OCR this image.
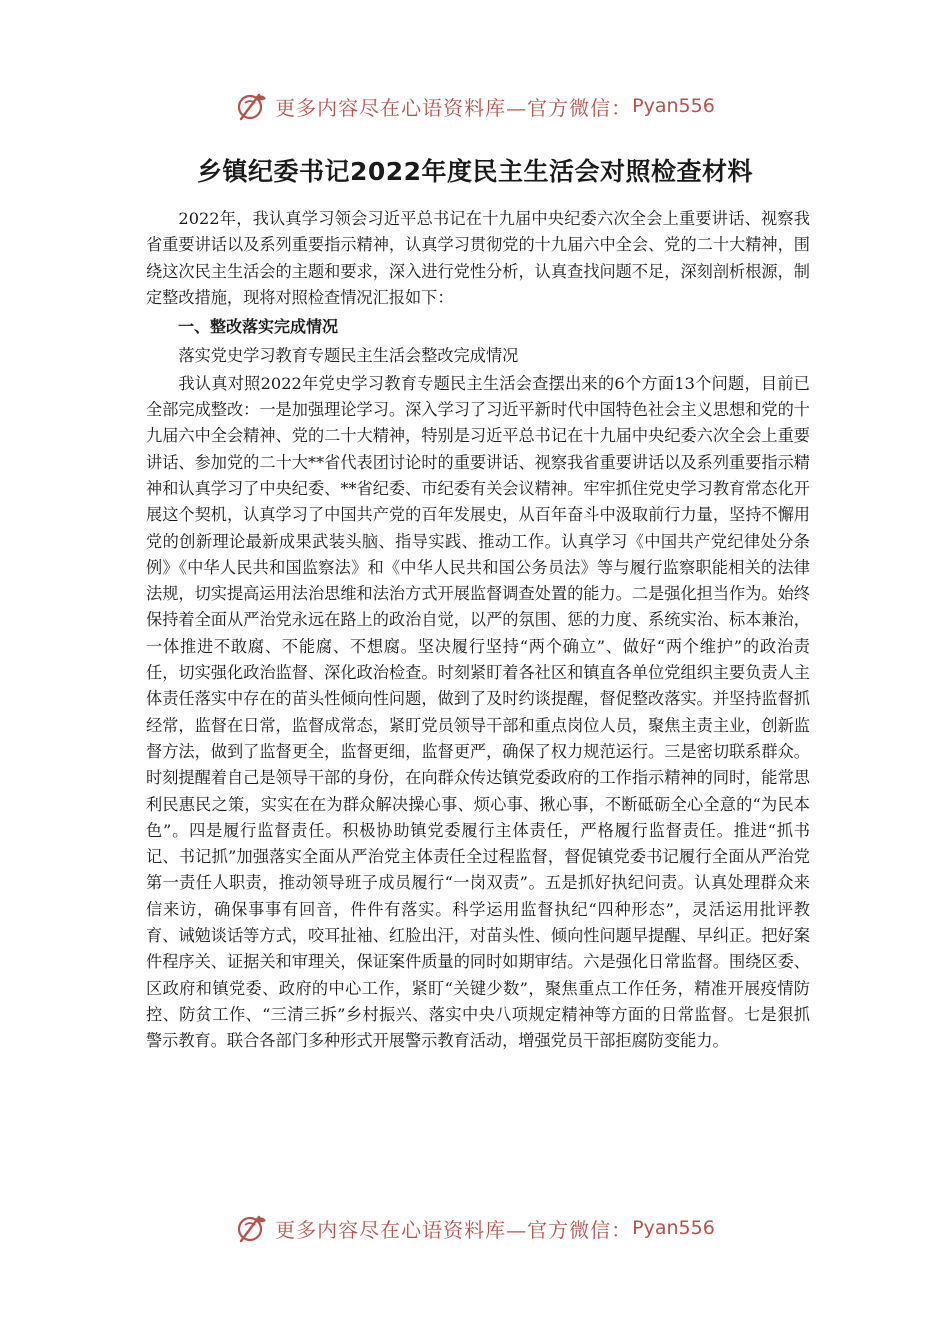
更多内容尽在心语资料库—官方微信： Pyan556
乡镇纪委书记2022年度民主生活会对照检查材料

2022年，我认真学习领会习近平总书记在十九届中央纪委六次全会上重要讲话、视察我省重要讲话以及系列重要指示精神，认真学习贯彻党的十九届六中全会、党的二十大精神，围绕这次民主生活会的主题和要求，深入进行党性分析，认真查找问题不足，深刻剖析根源，制定整改措施，现将对照检查情况汇报如下：

一、整改落实完成情况

落实党史学习教育专题民主生活会整改完成情况

我认真对照2022年党史学习教育专题民主生活会查摆出来的6个方面13个问题，目前已全部完成整改：一是加强理论学习。深入学习了习近平新时代中国特色社会主义思想和党的十九届六中全会精神、党的二十大精神，特别是习近平总书记在十九届中央纪委六次全会上重要讲话、参加党的二十大**省代表团讨论时的重要讲话、视察我省重要讲话以及系列重要指示精神和认真学习了中央纪委、**省纪委、市纪委有关会议精神。牢牢抓住党史学习教育常态化开展这个契机，认真学习了中国共产党的百年发展史，从百年奋斗中汲取前行力量，坚持不懈用党的创新理论最新成果武装头脑、指导实践、推动工作。认真学习《中国共产党纪律处分条例》《中华人民共和国监察法》和《中华人民共和国公务员法》等与履行监察职能相关的法律法规，切实提高运用法治思维和法治方式开展监督调查处置的能力。二是强化担当作为。始终保持着全面从严治党永远在路上的政治自觉，以严的氛围、惩的力度、系统实治、标本兼治，一体推进不敢腐、不能腐、不想腐。坚决履行坚持“两个确立”、做好“两个维护”的政治责任，切实强化政治监督、深化政治检查。时刻紧盯着各社区和镇直各单位党组织主要负责人主体责任落实中存在的苗头性倾向性问题，做到了及时约谈提醒，督促整改落实。并坚持监督抓经常，监督在日常，监督成常态，紧盯党员领导干部和重点岗位人员，聚焦主责主业，创新监督方法，做到了监督更全，监督更细，监督更严，确保了权力规范运行。三是密切联系群众。时刻提醒着自己是领导干部的身份，在向群众传达镇党委政府的工作指示精神的同时，能常思利民惠民之策，实实在在为群众解决操心事、烦心事、揪心事，不断砥砺全心全意的“为民本色”。四是履行监督责任。积极协助镇党委履行主体责任，严格履行监督责任。推进“抓书记、书记抓”加强落实全面从严治党主体责任全过程监督，督促镇党委书记履行全面从严治党第一责任人职责，推动领导班子成员履行“一岗双责”。五是抓好执纪问责。认真处理群众来信来访，确保事事有回音，件件有落实。科学运用监督执纪“四种形态”，灵活运用批评教育、诫勉谈话等方式，咬耳扯袖、红脸出汗，对苗头性、倾向性问题早提醒、早纠正。把好案件程序关、证据关和审理关，保证案件质量的同时如期审结。六是强化日常监督。围绕区委、区政府和镇党委、政府的中心工作，紧盯“关键少数”，聚焦重点工作任务，精准开展疫情防控、防贫工作、“三清三拆”乡村振兴、落实中央八项规定精神等方面的日常监督。七是狠抓警示教育。联合各部门多种形式开展警示教育活动，增强党员干部拒腐防变能力。

更多内容尽在心语资料库—官方微信： Pyan556
